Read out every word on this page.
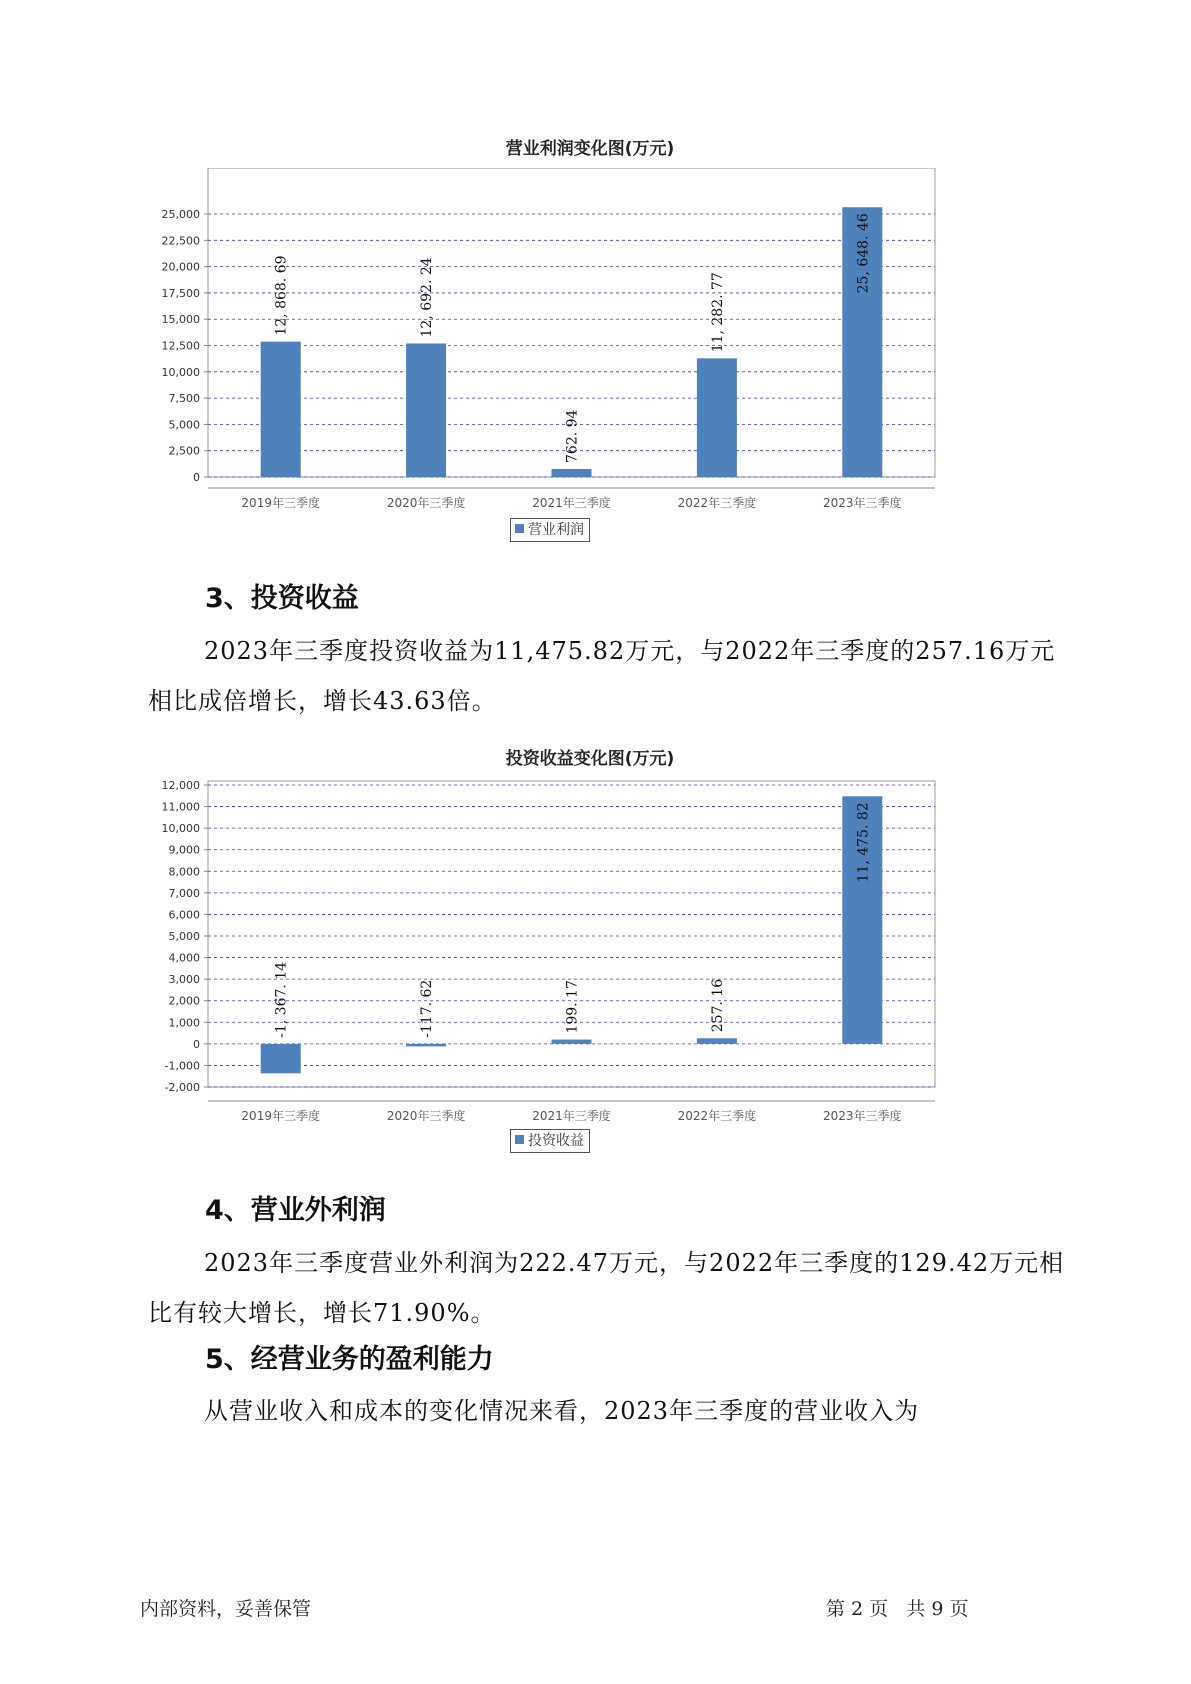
营业利润变化图(万元)
25,000
22,500
20,000
17,500
15,000
12,500
10,000
7,500
5,000
2,500
0
2019年三季度
12, 868. 69
2020年三季度
12, 692. 24
2021年三季度
762. 94
2022年三季度
11, 282. 77
2023年三季度
25, 648. 46
营业利润
3、投资收益
2023年三季度投资收益为11,475.82万元，与2022年三季度的257.16万元相比成倍增长，增长43.63倍。
投资收益变化图(万元)
12,000
11,000
10,000
9,000
8,000
7,000
6,000
5,000
4,000
3,000
2,000
1,000
0
-1,000
-2,000
2019年三季度
-1, 367. 14
2020年三季度
-117. 62
2021年三季度
199. 17
2022年三季度
257. 16
2023年三季度
11, 475. 82
投资收益
4、营业外利润
2023年三季度营业外利润为222.47万元，与2022年三季度的129.42万元相比有较大增长，增长71.90%。
5、经营业务的盈利能力
从营业收入和成本的变化情况来看，2023年三季度的营业收入为
内部资料，妥善保管	第 2 页   共 9 页
